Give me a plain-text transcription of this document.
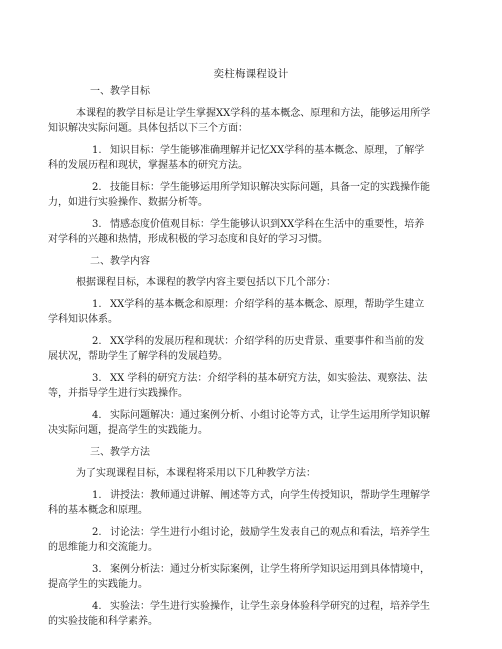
奕柱梅课程设计
一、教学目标
本课程的教学目标是让学生掌握XX学科的基本概念、原理和方法，能够运用所学知识解决实际问题。具体包括以下三个方面：
1. 知识目标：学生能够准确理解并记忆XX学科的基本概念、原理，了解学科的发展历程和现状，掌握基本的研究方法。
2. 技能目标：学生能够运用所学知识解决实际问题，具备一定的实践操作能力，如进行实验操作、数据分析等。
3. 情感态度价值观目标：学生能够认识到XX学科在生活中的重要性，培养对学科的兴趣和热情，形成积极的学习态度和良好的学习习惯。
二、教学内容
根据课程目标，本课程的教学内容主要包括以下几个部分：
1. XX学科的基本概念和原理：介绍学科的基本概念、原理，帮助学生建立学科知识体系。
2. XX学科的发展历程和现状：介绍学科的历史背景、重要事件和当前的发展状况，帮助学生了解学科的发展趋势。
3. XX 学科的研究方法：介绍学科的基本研究方法，如实验法、观察法、法等，并指导学生进行实践操作。
4. 实际问题解决：通过案例分析、小组讨论等方式，让学生运用所学知识解决实际问题，提高学生的实践能力。
三、教学方法
为了实现课程目标，本课程将采用以下几种教学方法：
1. 讲授法：教师通过讲解、阐述等方式，向学生传授知识，帮助学生理解学科的基本概念和原理。
2. 讨论法：学生进行小组讨论，鼓励学生发表自己的观点和看法，培养学生的思维能力和交流能力。
3. 案例分析法：通过分析实际案例，让学生将所学知识运用到具体情境中，提高学生的实践能力。
4. 实验法：学生进行实验操作，让学生亲身体验科学研究的过程，培养学生的实验技能和科学素养。
